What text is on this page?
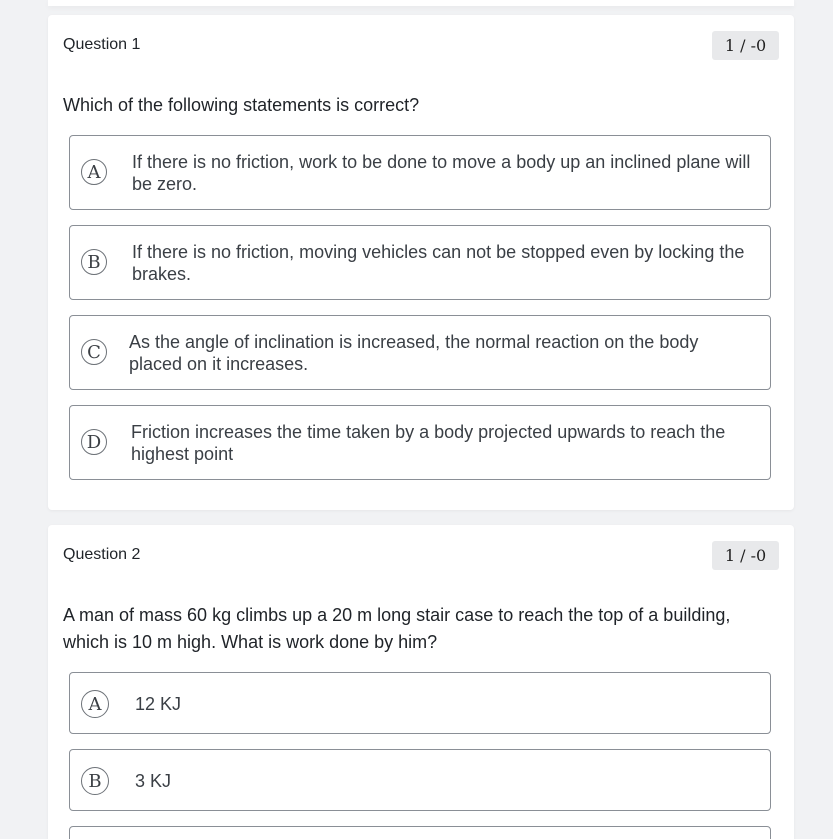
Question 1	1 / -0
Which of the following statements is correct?
A	If there is no friction, work to be done to move a body up an inclined plane will be zero.
B	If there is no friction, moving vehicles can not be stopped even by locking the brakes.
C	As the angle of inclination is increased, the normal reaction on the body placed on it increases.
D	Friction increases the time taken by a body projected upwards to reach the highest point
Question 2	1 / -0
A man of mass 60 kg climbs up a 20 m long stair case to reach the top of a building, which is 10 m high. What is work done by him?
A	12 KJ
B	3 KJ
